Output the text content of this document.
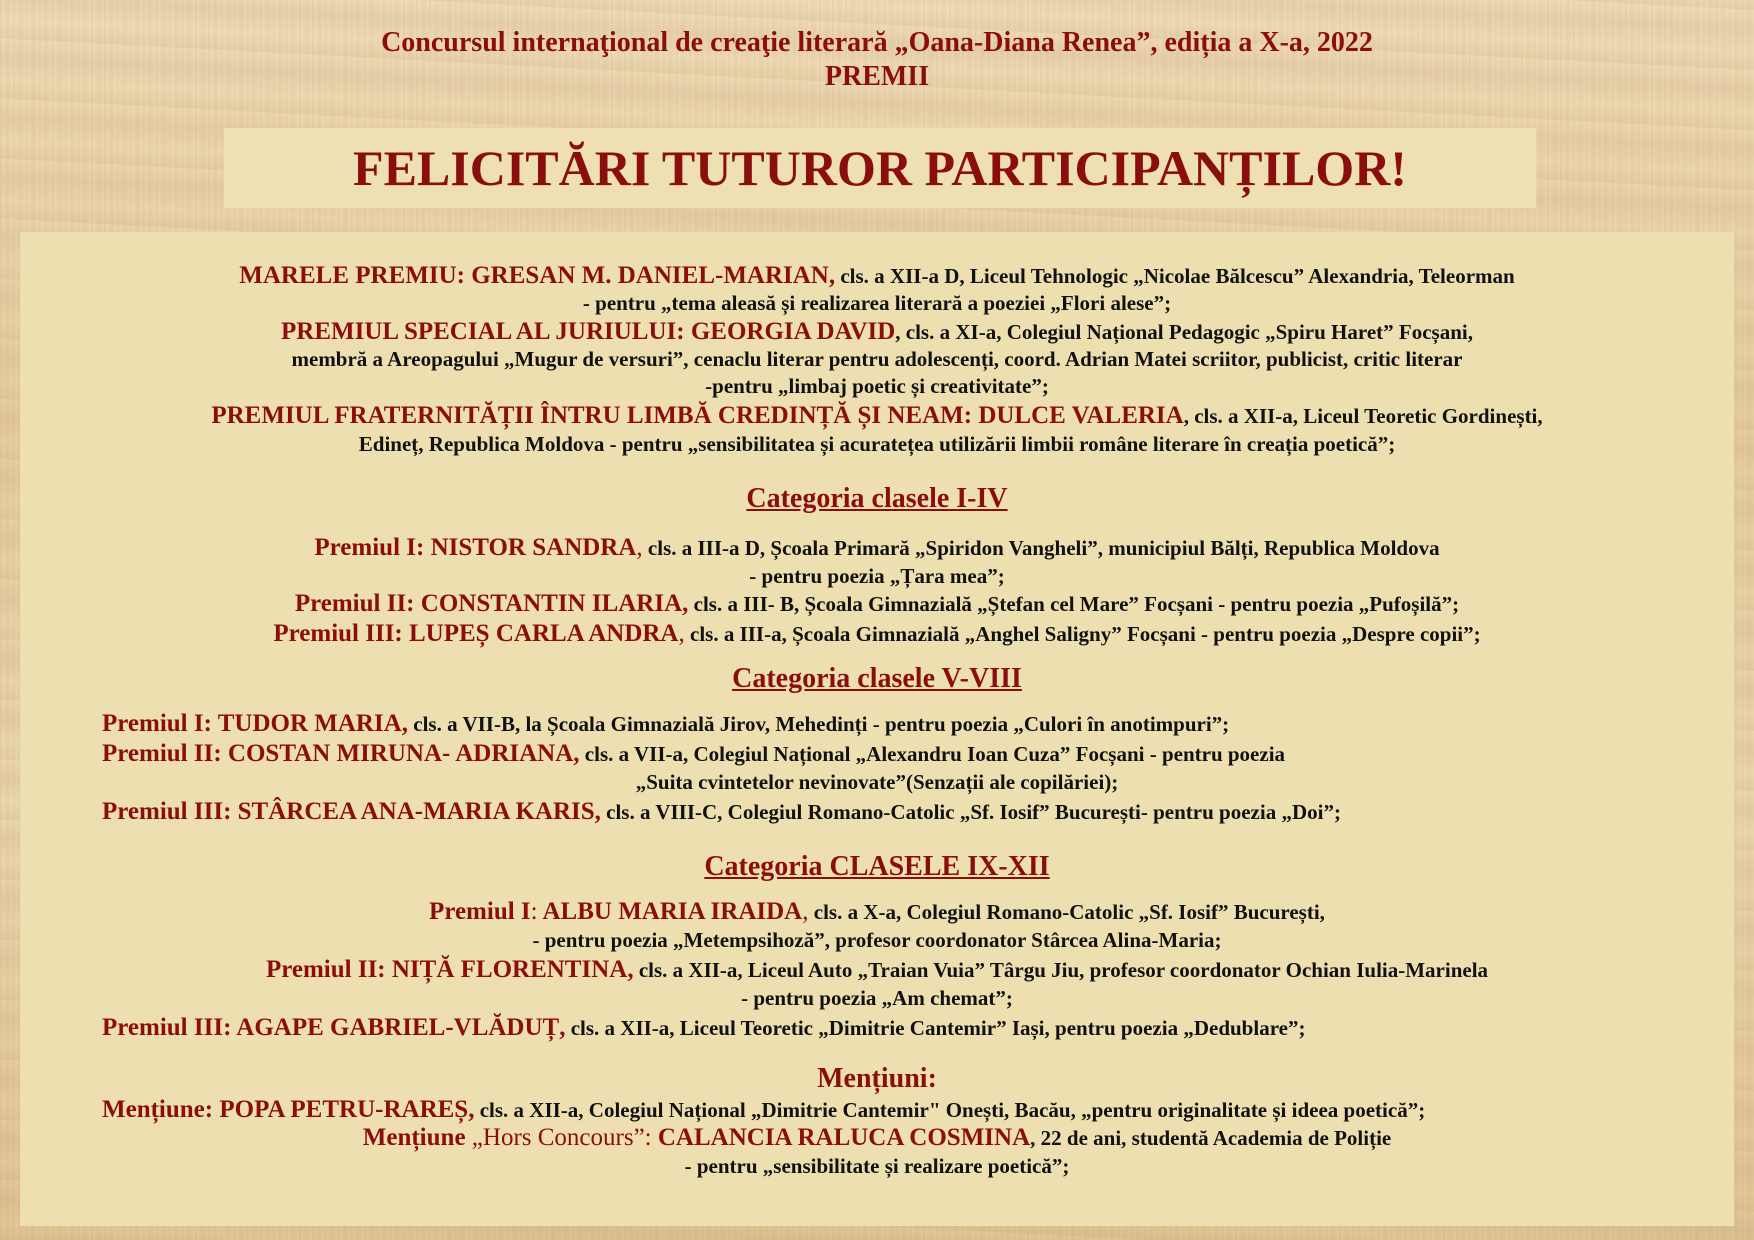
Concursul internaţional de creaţie literară „Oana-Diana Renea”, ediția a X-a, 2022
PREMII
FELICITĂRI TUTUROR PARTICIPANȚILOR!
MARELE PREMIU: GRESAN M. DANIEL-MARIAN, cls. a XII-a D, Liceul Tehnologic „Nicolae Bălcescu” Alexandria, Teleorman
- pentru „tema aleasă și realizarea literară a poeziei „Flori alese”;
PREMIUL SPECIAL AL JURIULUI: GEORGIA DAVID, cls. a XI-a, Colegiul Național Pedagogic „Spiru Haret” Focșani,
membră a Areopagului „Mugur de versuri”, cenaclu literar pentru adolescenți, coord. Adrian Matei scriitor, publicist, critic literar
-pentru „limbaj poetic și creativitate”;
PREMIUL FRATERNITĂȚII ÎNTRU LIMBĂ CREDINȚĂ ȘI NEAM: DULCE VALERIA, cls. a XII-a, Liceul Teoretic Gordinești,
Edineț, Republica Moldova - pentru „sensibilitatea și acuratețea utilizării limbii române literare în creația poetică”;
Categoria clasele I-IV
Premiul I: NISTOR SANDRA, cls. a III-a D, Școala Primară „Spiridon Vangheli”, municipiul Bălți, Republica Moldova
- pentru poezia „Țara mea”;
Premiul II: CONSTANTIN ILARIA, cls. a III- B, Școala Gimnazială „Ștefan cel Mare” Focșani - pentru poezia „Pufoșilă”;
Premiul III: LUPEȘ CARLA ANDRA, cls. a III-a, Școala Gimnazială „Anghel Saligny” Focșani - pentru poezia „Despre copii”;
Categoria clasele V-VIII
Premiul I: TUDOR MARIA, cls. a VII-B, la Școala Gimnazială Jirov, Mehedinți - pentru poezia „Culori în anotimpuri”;
Premiul II: COSTAN MIRUNA- ADRIANA, cls. a VII-a, Colegiul Național „Alexandru Ioan Cuza” Focșani - pentru poezia
„Suita cvintetelor nevinovate”(Senzații ale copilăriei);
Premiul III: STÂRCEA ANA-MARIA KARIS, cls. a VIII-C, Colegiul Romano-Catolic „Sf. Iosif” București- pentru poezia „Doi”;
Categoria CLASELE IX-XII
Premiul I: ALBU MARIA IRAIDA, cls. a X-a, Colegiul Romano-Catolic „Sf. Iosif” București,
- pentru poezia „Metempsihoză”, profesor coordonator Stârcea Alina-Maria;
Premiul II: NIȚĂ FLORENTINA, cls. a XII-a, Liceul Auto „Traian Vuia” Târgu Jiu, profesor coordonator Ochian Iulia-Marinela
- pentru poezia „Am chemat”;
Premiul III: AGAPE GABRIEL-VLĂDUȚ, cls. a XII-a, Liceul Teoretic „Dimitrie Cantemir” Iași, pentru poezia „Dedublare”;
Mențiuni:
Mențiune: POPA PETRU-RAREȘ, cls. a XII-a, Colegiul Național „Dimitrie Cantemir" Onești, Bacău, „pentru originalitate și ideea poetică”;
Mențiune „Hors Concours”: CALANCIA RALUCA COSMINA, 22 de ani, studentă Academia de Poliție
- pentru „sensibilitate și realizare poetică”;
